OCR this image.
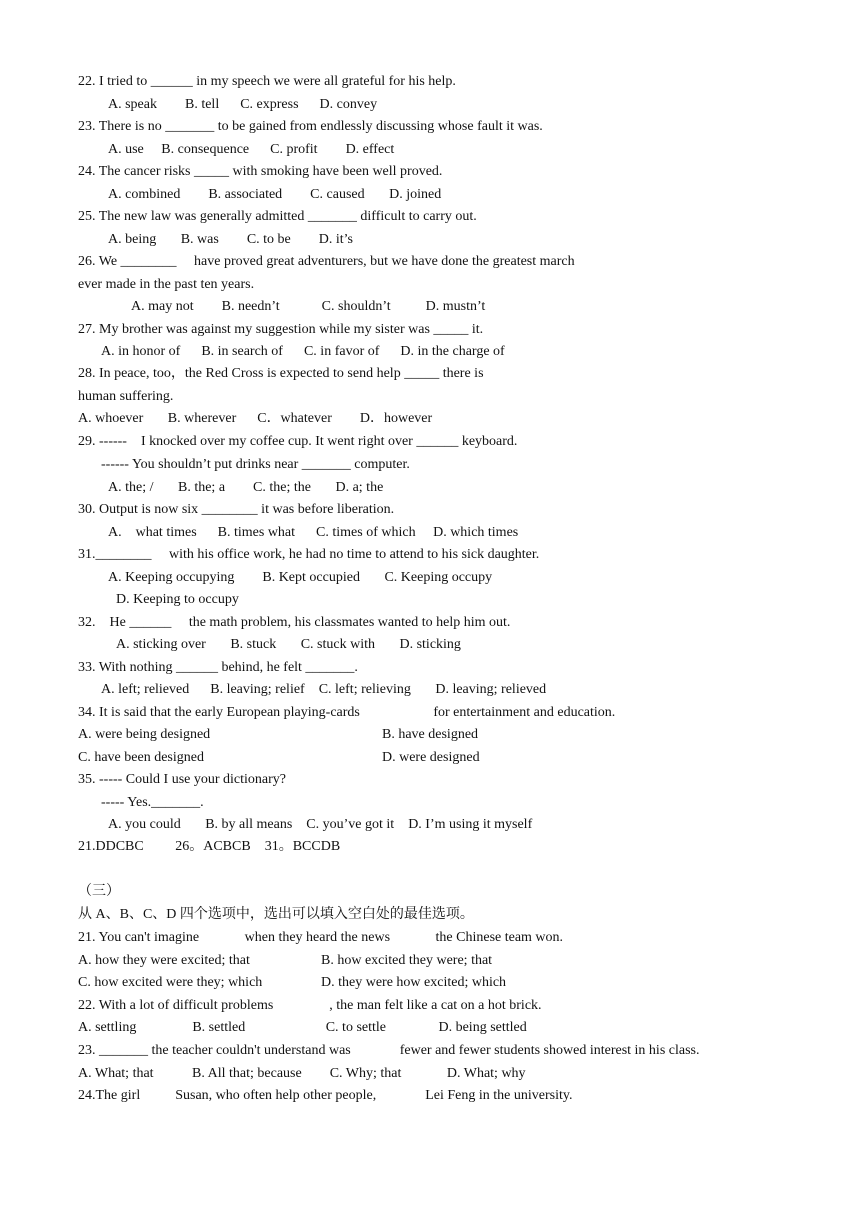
22. I tried to ______ in my speech we were all grateful for his help.
A. speak        B. tell      C. express      D. convey
23. There is no _______ to be gained from endlessly discussing whose fault it was.
A. use     B. consequence      C. profit        D. effect
24. The cancer risks _____ with smoking have been well proved.
A. combined        B. associated        C. caused       D. joined
25. The new law was generally admitted _______ difficult to carry out.
A. being       B. was        C. to be        D. it’s
26. We ________     have proved great adventurers, but we have done the greatest march
ever made in the past ten years.
A. may not        B. needn’t            C. shouldn’t          D. mustn’t
27. My brother was against my suggestion while my sister was _____ it.
A. in honor of      B. in search of      C. in favor of      D. in the charge of
28. In peace, too，the Red Cross is expected to send help _____ there is
human suffering.
A. whoever       B. wherever      C．whatever        D．however
29. ------    I knocked over my coffee cup. It went right over ______ keyboard.
------ You shouldn’t put drinks near _______ computer.
A. the; /       B. the; a        C. the; the       D. a; the
30. Output is now six ________ it was before liberation.
A.    what times      B. times what      C. times of which     D. which times
31.________     with his office work, he had no time to attend to his sick daughter.
A. Keeping occupying        B. Kept occupied       C. Keeping occupy
D. Keeping to occupy
32.    He ______     the math problem, his classmates wanted to help him out.
A. sticking over       B. stuck       C. stuck with       D. sticking
33. With nothing ______ behind, he felt _______.
A. left; relieved      B. leaving; relief    C. left; relieving       D. leaving; relieved
34. It is said that the early European playing-cards                     for entertainment and education.
A. were being designed	B. have designed
C. have been designed	D. were designed
35. ----- Could I use your dictionary?
----- Yes._______.
A. you could       B. by all means    C. you’ve got it    D. I’m using it myself
21.DDCBC         26。ACBCB    31。BCCDB
（三）
从 A、B、C、D 四个选项中，选出可以填入空白处的最佳选项。
21. You can't imagine             when they heard the news             the Chinese team won.
A. how they were excited; that	B. how excited they were; that
C. how excited were they; which	D. they were how excited; which
22. With a lot of difficult problems                , the man felt like a cat on a hot brick.
A. settling                B. settled                       C. to settle               D. being settled
23. _______ the teacher couldn't understand was              fewer and fewer students showed interest in his class.
A. What; that           B. All that; because        C. Why; that             D. What; why
24.The girl          Susan, who often help other people,              Lei Feng in the university.
